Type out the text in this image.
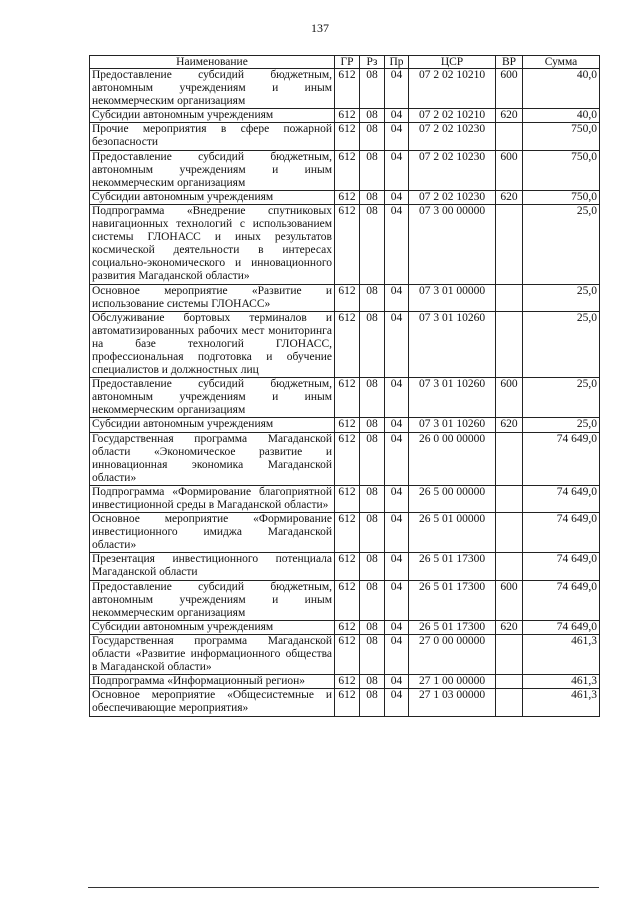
137
Наименование	ГР	Рз	Пр	ЦСР	ВР	Сумма
Предоставление субсидий бюджетным, автономным учреждениям и иным некоммерческим организациям	612	08	04	07 2 02 10210	600	40,0
Субсидии автономным учреждениям	612	08	04	07 2 02 10210	620	40,0
Прочие мероприятия в сфере пожарной безопасности	612	08	04	07 2 02 10230		750,0
Предоставление субсидий бюджетным, автономным учреждениям и иным некоммерческим организациям	612	08	04	07 2 02 10230	600	750,0
Субсидии автономным учреждениям	612	08	04	07 2 02 10230	620	750,0
Подпрограмма «Внедрение спутниковых навигационных технологий с использованием системы ГЛОНАСС и иных результатов космической деятельности в интересах социально-экономического и инновационного развития Магаданской области»	612	08	04	07 3 00 00000		25,0
Основное мероприятие «Развитие и использование системы ГЛОНАСС»	612	08	04	07 3 01 00000		25,0
Обслуживание бортовых терминалов и автоматизированных рабочих мест мониторинга на базе технологий ГЛОНАСС, профессиональная подготовка и обучение специалистов и должностных лиц	612	08	04	07 3 01 10260		25,0
Предоставление субсидий бюджетным, автономным учреждениям и иным некоммерческим организациям	612	08	04	07 3 01 10260	600	25,0
Субсидии автономным учреждениям	612	08	04	07 3 01 10260	620	25,0
Государственная программа Магаданской области «Экономическое развитие и инновационная экономика Магаданской области»	612	08	04	26 0 00 00000		74 649,0
Подпрограмма «Формирование благоприятной инвестиционной среды в Магаданской области»	612	08	04	26 5 00 00000		74 649,0
Основное мероприятие «Формирование инвестиционного имиджа Магаданской области»	612	08	04	26 5 01 00000		74 649,0
Презентация инвестиционного потенциала Магаданской области	612	08	04	26 5 01 17300		74 649,0
Предоставление субсидий бюджетным, автономным учреждениям и иным некоммерческим организациям	612	08	04	26 5 01 17300	600	74 649,0
Субсидии автономным учреждениям	612	08	04	26 5 01 17300	620	74 649,0
Государственная программа Магаданской области «Развитие информационного общества в Магаданской области»	612	08	04	27 0 00 00000		461,3
Подпрограмма «Информационный регион»	612	08	04	27 1 00 00000		461,3
Основное мероприятие «Общесистемные и обеспечивающие мероприятия»	612	08	04	27 1 03 00000		461,3
